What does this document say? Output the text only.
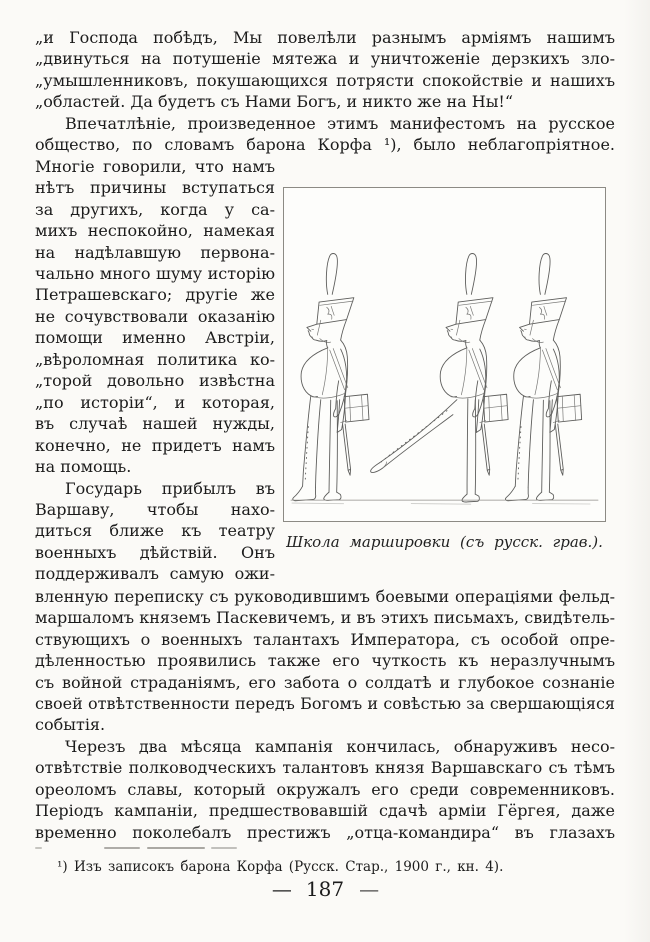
„и Господа побѣдъ, Мы повелѣли разнымъ арміямъ нашимъ
„двинуться на потушеніе мятежа и уничтоженіе дерзкихъ зло-
„умышленниковъ, покушающихся потрясти спокойствіе и нашихъ
„областей. Да будетъ съ Нами Богъ, и никто же на Ны!“
Впечатлѣніе, произведенное этимъ манифестомъ на русское
общество, по словамъ барона Корфа ¹), было неблагопріятное.
Многіе говорили, что намъ
нѣтъ причины вступаться
за другихъ, когда у са-
михъ неспокойно, намекая
на надѣлавшую первона-
чально много шуму исторію
Петрашевскаго; другіе же
не сочувствовали оказанію
помощи именно Австріи,
„вѣроломная политика ко-
„торой довольно извѣстна
„по исторіи“, и которая,
въ случаѣ нашей нужды,
конечно, не придетъ намъ
на помощь.
Государь прибылъ въ
Варшаву, чтобы нахо-
диться ближе къ театру
военныхъ дѣйствій. Онъ
поддерживалъ самую ожи-
Школа маршировки (съ русск. грав.).
вленную переписку съ руководившимъ боевыми операціями фельд-
маршаломъ княземъ Паскевичемъ, и въ этихъ письмахъ, свидѣтель-
ствующихъ о военныхъ талантахъ Императора, съ особой опре-
дѣленностью проявились также его чуткость къ неразлучнымъ
съ войной страданіямъ, его забота о солдатѣ и глубокое сознаніе
своей отвѣтственности передъ Богомъ и совѣстью за свершающіяся
событія.
Черезъ два мѣсяца кампанія кончилась, обнаруживъ несо-
отвѣтствіе полководческихъ талантовъ князя Варшавскаго съ тѣмъ
ореоломъ славы, который окружалъ его среди современниковъ.
Періодъ кампаніи, предшествовавшій сдачѣ арміи Гёргея, даже
временно поколебалъ престижъ „отца-командира“ въ глазахъ
¹) Изъ записокъ барона Корфа (Русск. Стар., 1900 г., кн. 4).
— 187 —
